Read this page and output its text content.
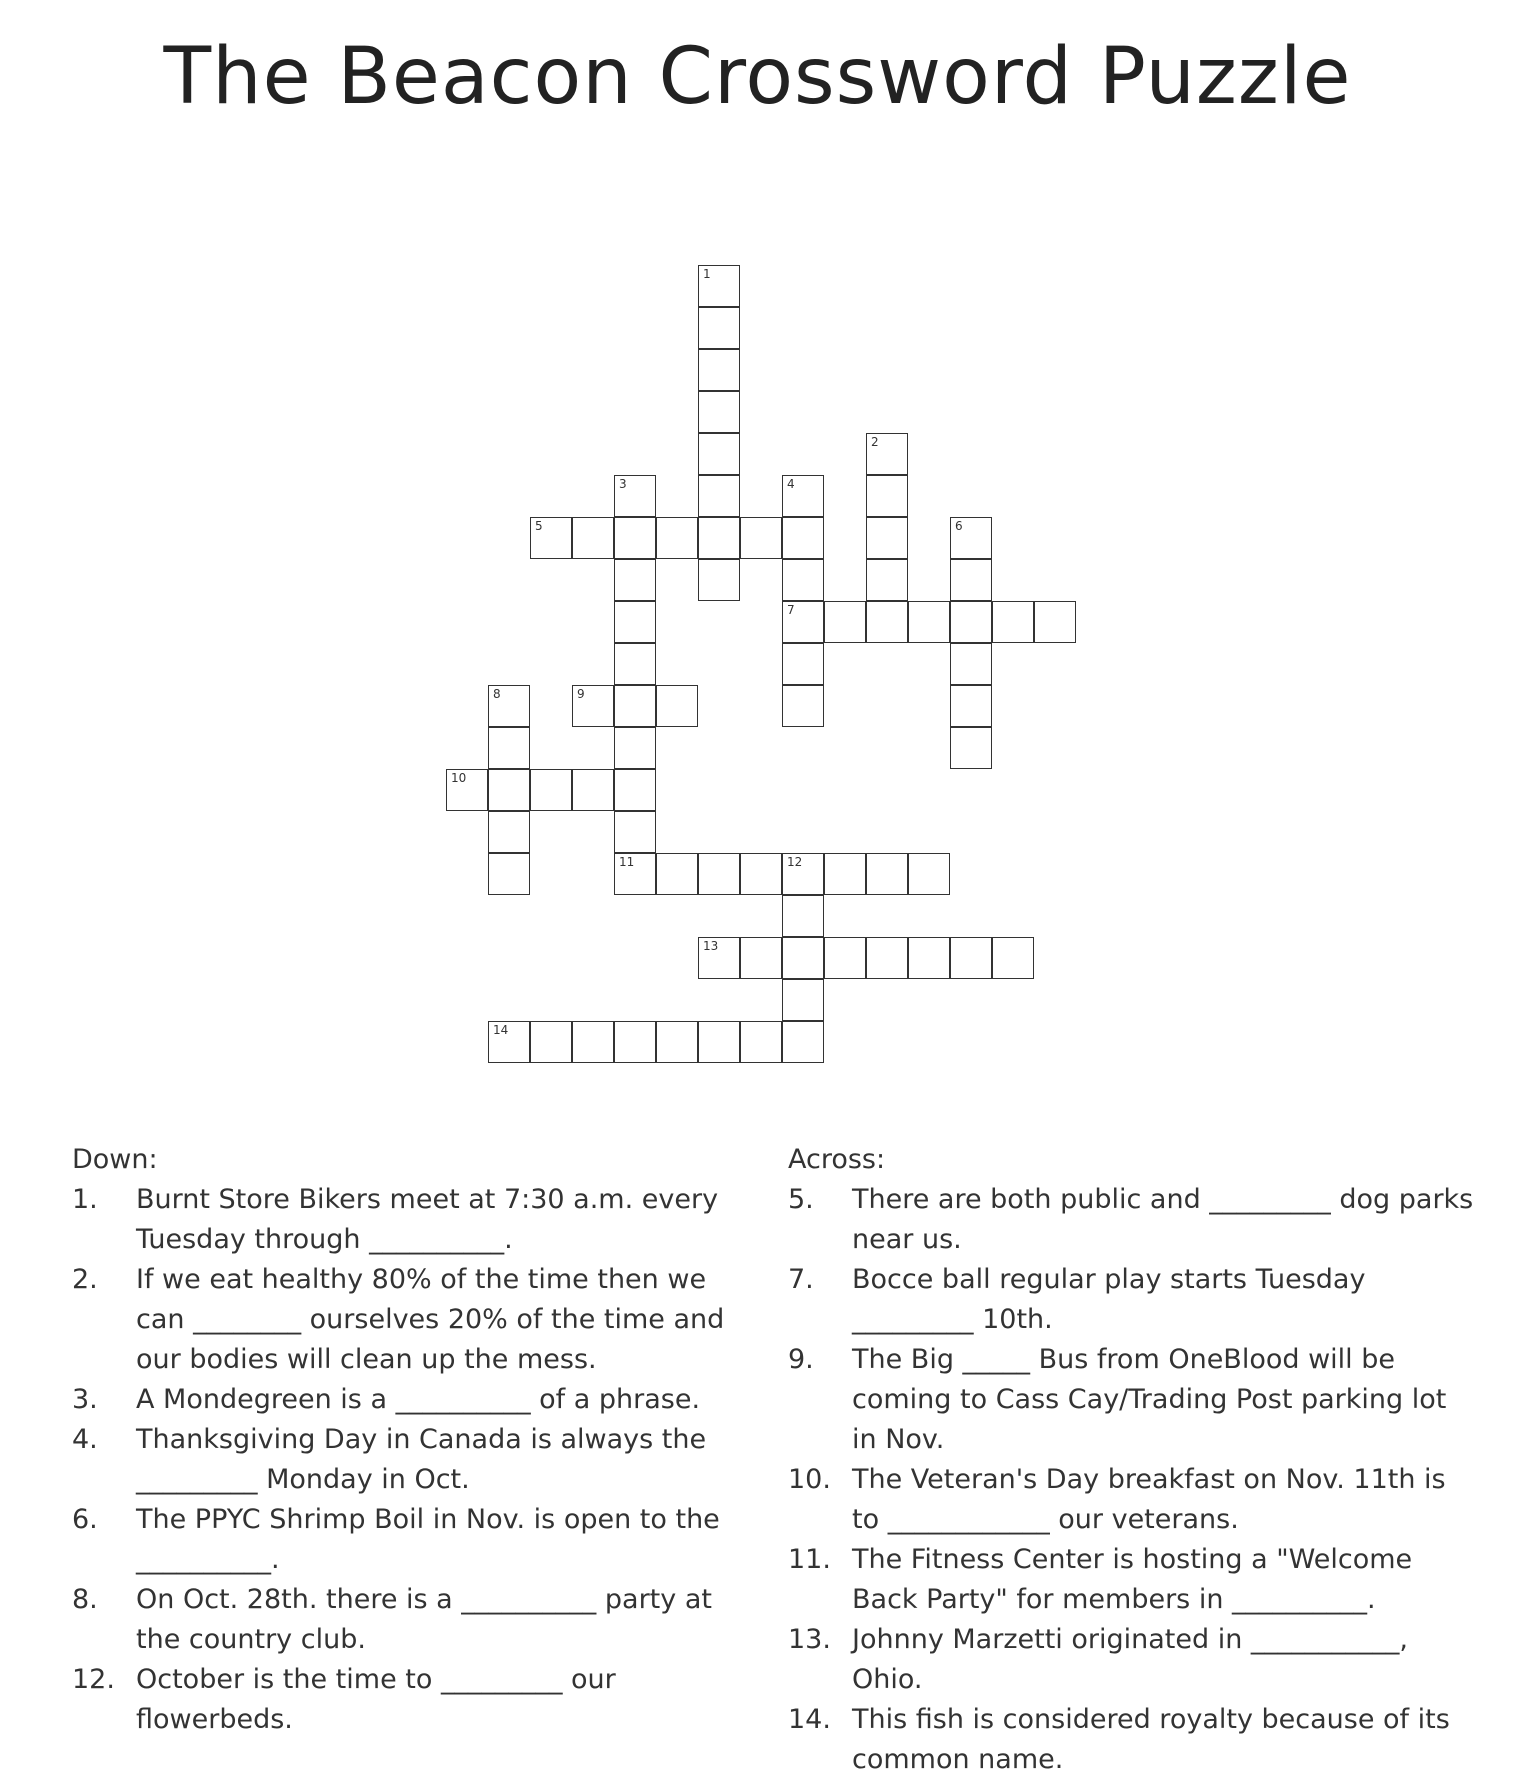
The Beacon Crossword Puzzle
1
2
3
11
4
7
6
8
12
5
9
10
13
14
Down:
1. Burnt Store Bikers meet at 7:30 a.m. every Tuesday through __________.
2. If we eat healthy 80% of the time then we can ________ ourselves 20% of the time and our bodies will clean up the mess.
3. A Mondegreen is a __________ of a phrase.
4. Thanksgiving Day in Canada is always the _________ Monday in Oct.
6. The PPYC Shrimp Boil in Nov. is open to the __________.
8. On Oct. 28th. there is a __________ party at the country club.
12. October is the time to _________ our flowerbeds.
Across:
5. There are both public and _________ dog parks near us.
7. Bocce ball regular play starts Tuesday _________ 10th.
9. The Big _____ Bus from OneBlood will be coming to Cass Cay/Trading Post parking lot in Nov.
10. The Veteran's Day breakfast on Nov. 11th is to ____________ our veterans.
11. The Fitness Center is hosting a "Welcome Back Party" for members in __________.
13. Johnny Marzetti originated in ___________, Ohio.
14. This fish is considered royalty because of its common name.
